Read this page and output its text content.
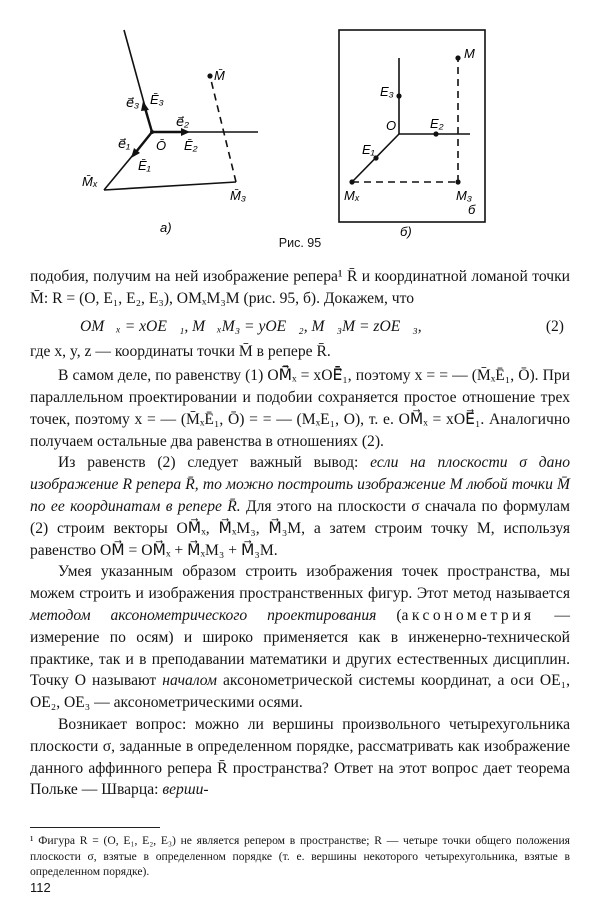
M̄
e⃗₃ Ē₃
e⃗₂
Ē₂
Ō
e⃗₁
Ē₁
M̄ₓ
M̄₃
а)
M
E₃
O	E₂
E₁
Mₓ	M₃
б
б)
Рис. 95

подобия, получим на ней изображение репера¹ R̄ и координатной ломаной точки M̄: R = (O, E₁, E₂, E₃), OMₓM₃M (рис. 95, б). Докажем, что

OM⃗ₓ = xOE⃗₁, M⃗ₓM₃ = yOE⃗₂, M⃗₃M = zOE⃗₃,	(2)

где x, y, z — координаты точки M̄ в репере R̄.

В самом деле, по равенству (1) OM̄⃗ₓ = xOĒ⃗₁, поэтому x = = — (M̄ₓĒ₁, Ō). При параллельном проектировании и подобии сохраняется простое отношение трех точек, поэтому x = — (M̄ₓĒ₁, Ō) = = — (MₓE₁, O), т. е. OM⃗ₓ = xOE⃗₁. Аналогично получаем остальные два равенства в отношениях (2).

Из равенств (2) следует важный вывод: если на плоскости σ дано изображение R репера R̄, то можно построить изображение M любой точки M̄ по ее координатам в репере R̄. Для этого на плоскости σ сначала по формулам (2) строим векторы OM⃗ₓ, M⃗ₓM₃, M⃗₃M, а затем строим точку M, используя равенство OM⃗ = OM⃗ₓ + M⃗ₓM₃ + M⃗₃M.

Умея указанным образом строить изображения точек пространства, мы можем строить и изображения пространственных фигур. Этот метод называется методом аксонометрического проектирования (аксонометрия — измерение по осям) и широко применяется как в инженерно-технической практике, так и в преподавании математики и других естественных дисциплин. Точку O называют началом аксонометрической системы координат, а оси OE₁, OE₂, OE₃ — аксонометрическими осями.

Возникает вопрос: можно ли вершины произвольного четырехугольника плоскости σ, заданные в определенном порядке, рассматривать как изображение данного аффинного репера R̄ пространства? Ответ на этот вопрос дает теорема Польке — Шварца: верши-

¹ Фигура R = (O, E₁, E₂, E₃) не является репером в пространстве; R — четыре точки общего положения плоскости σ, взятые в определенном порядке (т. е. вершины некоторого четырехугольника, взятые в определенном порядке).
112
